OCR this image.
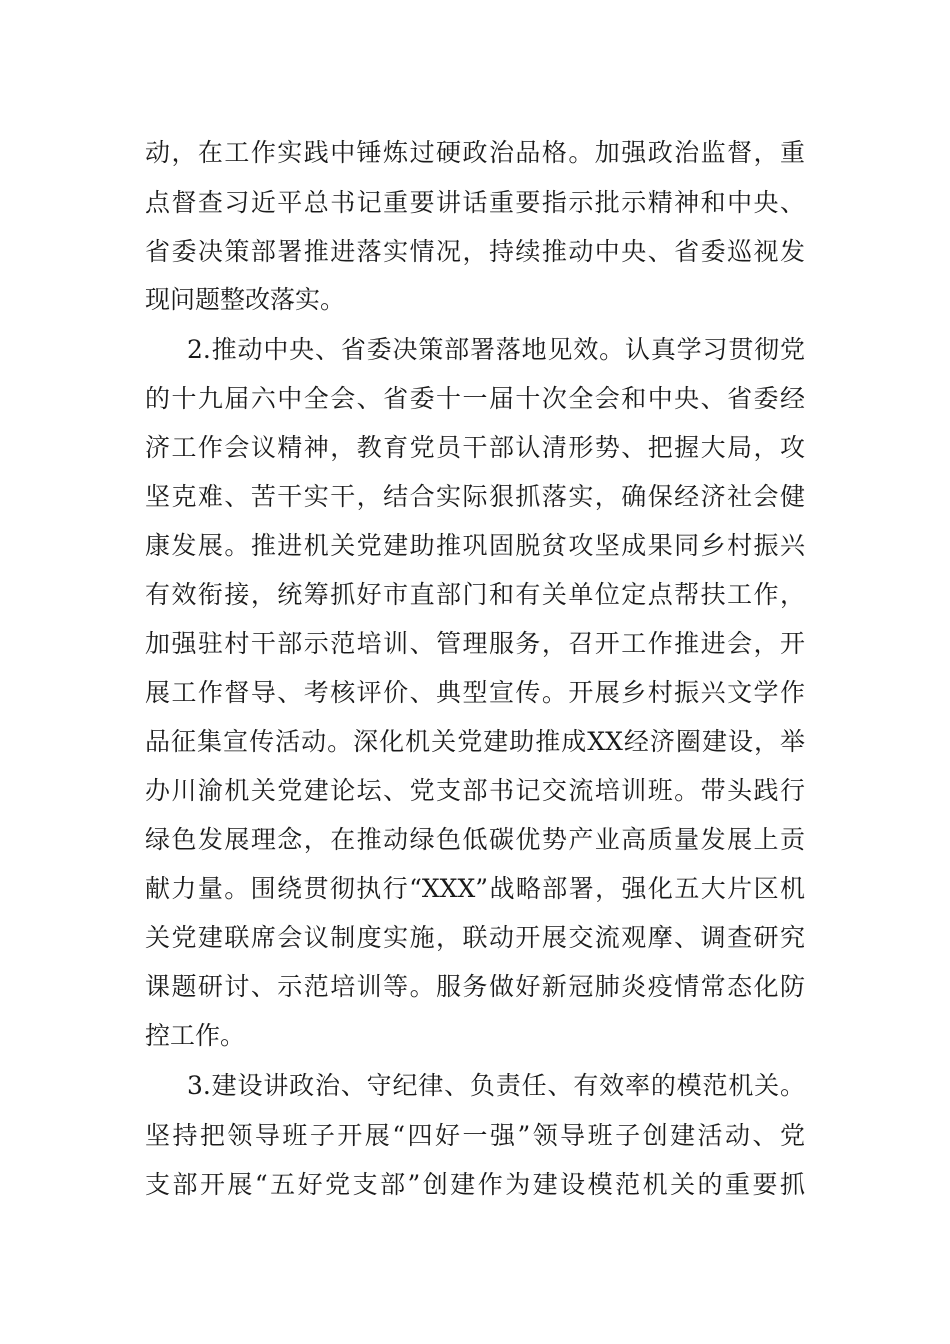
动，在工作实践中锤炼过硬政治品格。加强政治监督，重
点督查习近平总书记重要讲话重要指示批示精神和中央、
省委决策部署推进落实情况，持续推动中央、省委巡视发
现问题整改落实。
2.推动中央、省委决策部署落地见效。认真学习贯彻党
的十九届六中全会、省委十一届十次全会和中央、省委经
济工作会议精神，教育党员干部认清形势、把握大局，攻
坚克难、苦干实干，结合实际狠抓落实，确保经济社会健
康发展。推进机关党建助推巩固脱贫攻坚成果同乡村振兴
有效衔接，统筹抓好市直部门和有关单位定点帮扶工作，
加强驻村干部示范培训、管理服务，召开工作推进会，开
展工作督导、考核评价、典型宣传。开展乡村振兴文学作
品征集宣传活动。深化机关党建助推成XX经济圈建设，举
办川渝机关党建论坛、党支部书记交流培训班。带头践行
绿色发展理念，在推动绿色低碳优势产业高质量发展上贡
献力量。围绕贯彻执行“XXX”战略部署，强化五大片区机
关党建联席会议制度实施，联动开展交流观摩、调查研究
课题研讨、示范培训等。服务做好新冠肺炎疫情常态化防
控工作。
3.建设讲政治、守纪律、负责任、有效率的模范机关。
坚持把领导班子开展“四好一强”领导班子创建活动、党
支部开展“五好党支部”创建作为建设模范机关的重要抓
